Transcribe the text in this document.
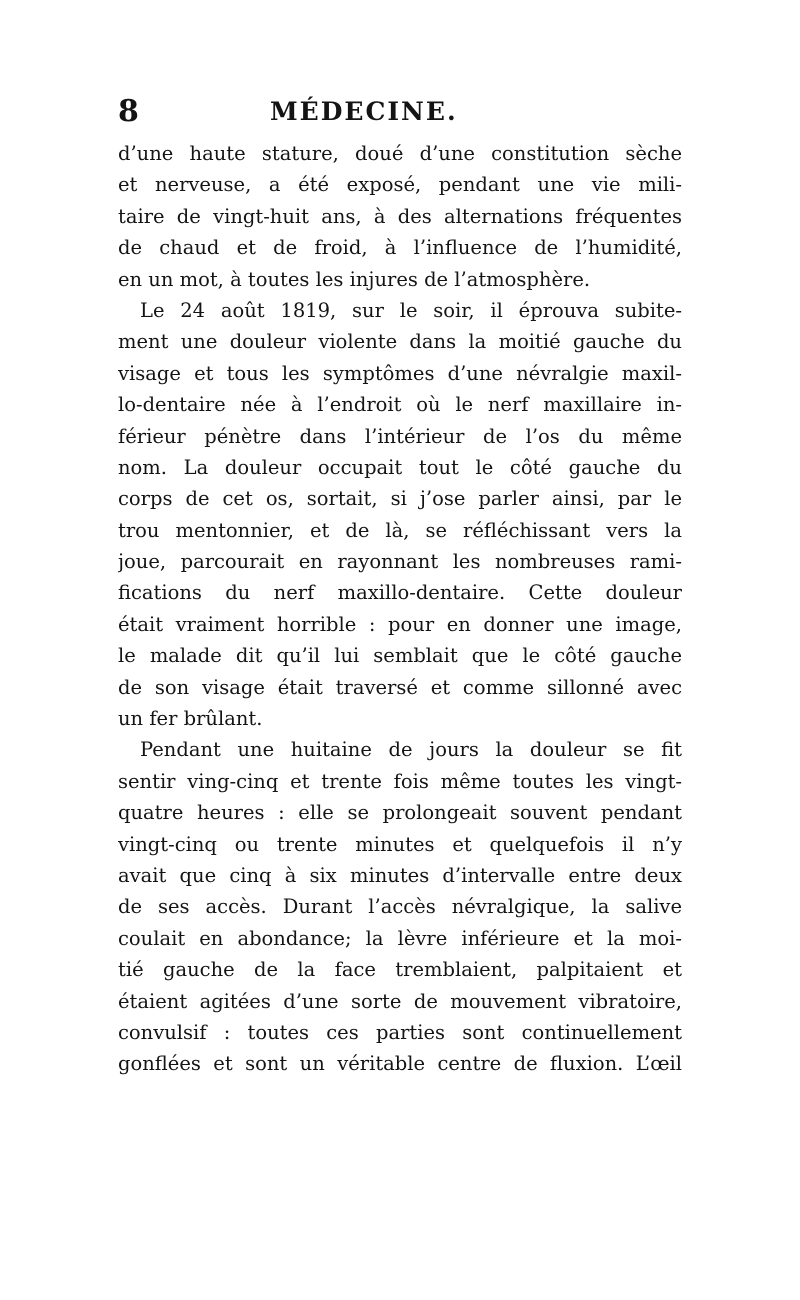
8	MÉDECINE.
d’une haute stature, doué d’une constitution sèche
et nerveuse, a été exposé, pendant une vie mili-
taire de vingt-huit ans, à des alternations fréquentes
de chaud et de froid, à l’influence de l’humidité,
en un mot, à toutes les injures de l’atmosphère.
Le 24 août 1819, sur le soir, il éprouva subite-
ment une douleur violente dans la moitié gauche du
visage et tous les symptômes d’une névralgie maxil-
lo-dentaire née à l’endroit où le nerf maxillaire in-
férieur pénètre dans l’intérieur de l’os du même
nom. La douleur occupait tout le côté gauche du
corps de cet os, sortait, si j’ose parler ainsi, par le
trou mentonnier, et de là, se réfléchissant vers la
joue, parcourait en rayonnant les nombreuses rami-
fications du nerf maxillo-dentaire. Cette douleur
était vraiment horrible : pour en donner une image,
le malade dit qu’il lui semblait que le côté gauche
de son visage était traversé et comme sillonné avec
un fer brûlant.
Pendant une huitaine de jours la douleur se fit
sentir ving-cinq et trente fois même toutes les vingt-
quatre heures : elle se prolongeait souvent pendant
vingt-cinq ou trente minutes et quelquefois il n’y
avait que cinq à six minutes d’intervalle entre deux
de ses accès. Durant l’accès névralgique, la salive
coulait en abondance; la lèvre inférieure et la moi-
tié gauche de la face tremblaient, palpitaient et
étaient agitées d’une sorte de mouvement vibratoire,
convulsif : toutes ces parties sont continuellement
gonflées et sont un véritable centre de fluxion. L’œil
